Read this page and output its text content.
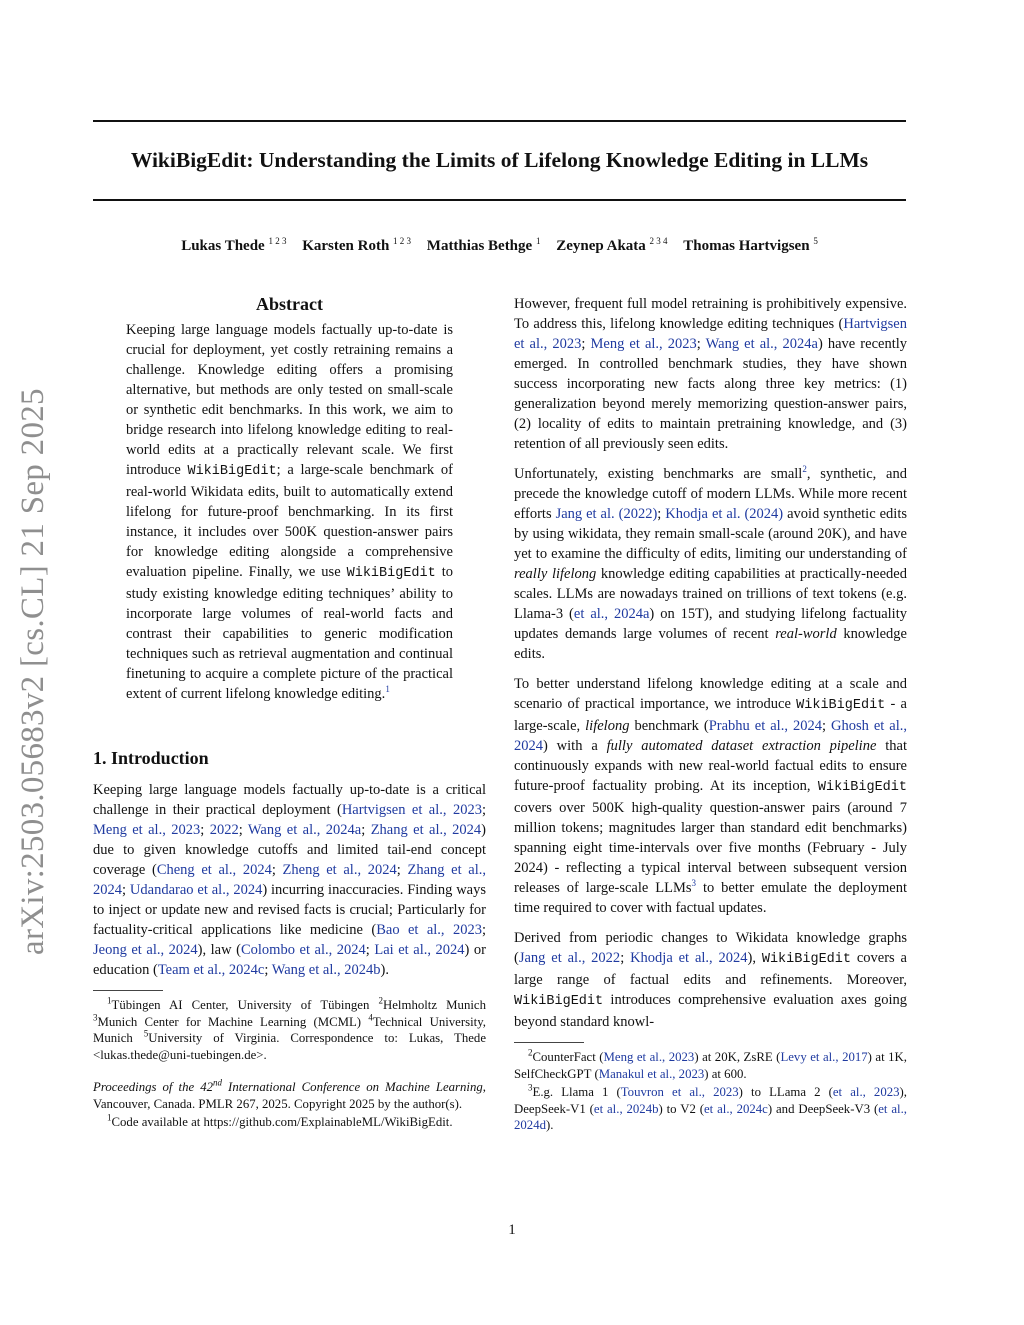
WikiBigEdit: Understanding the Limits of Lifelong Knowledge Editing in LLMs
Lukas Thede $^{1 2 3}$ Karsten Roth $^{1 2 3}$ Matthias Bethge $^1$ Zeynep Akata $^{2 3 4}$ Thomas Hartvigsen $^5$
arXiv:2503.05683v2 [cs.CL] 21 Sep 2025
Abstract

Keeping large language models factually up-to-date is crucial for deployment, yet costly retraining remains a challenge. Knowledge editing offers a promising alternative, but methods are only tested on small-scale or synthetic edit benchmarks. In this work, we aim to bridge research into lifelong knowledge editing to real-world edits at a practically relevant scale. We first introduce WikiBigEdit; a large-scale benchmark of real-world Wikidata edits, built to automatically extend lifelong for future-proof benchmarking. In its first instance, it includes over 500K question-answer pairs for knowledge editing alongside a comprehensive evaluation pipeline. Finally, we use WikiBigEdit to study existing knowledge editing techniques’ ability to incorporate large volumes of real-world facts and contrast their capabilities to generic modification techniques such as retrieval augmentation and continual finetuning to acquire a complete picture of the practical extent of current lifelong knowledge editing.$^1$

1. Introduction

Keeping large language models factually up-to-date is a critical challenge in their practical deployment (Hartvigsen et al., 2023; Meng et al., 2023; 2022; Wang et al., 2024a; Zhang et al., 2024) due to given knowledge cutoffs and limited tail-end concept coverage (Cheng et al., 2024; Zheng et al., 2024; Zhang et al., 2024; Udandarao et al., 2024) incurring inaccuracies. Finding ways to inject or update new and revised facts is crucial; Particularly for factuality-critical applications like medicine (Bao et al., 2023; Jeong et al., 2024), law (Colombo et al., 2024; Lai et al., 2024) or education (Team et al., 2024c; Wang et al., 2024b).

$^1$Tübingen AI Center, University of Tübingen $^2$Helmholtz Munich $^3$Munich Center for Machine Learning (MCML) $^4$Technical University, Munich $^5$University of Virginia. Correspondence to: Lukas, Thede <lukas.thede@uni-tuebingen.de>.

Proceedings of the 42nd International Conference on Machine Learning, Vancouver, Canada. PMLR 267, 2025. Copyright 2025 by the author(s).

$^1$Code available at https://github.com/ExplainableML/WikiBigEdit.

However, frequent full model retraining is prohibitively expensive. To address this, lifelong knowledge editing techniques (Hartvigsen et al., 2023; Meng et al., 2023; Wang et al., 2024a) have recently emerged. In controlled benchmark studies, they have shown success incorporating new facts along three key metrics: (1) generalization beyond merely memorizing question-answer pairs, (2) locality of edits to maintain pretraining knowledge, and (3) retention of all previously seen edits.

Unfortunately, existing benchmarks are small$^2$, synthetic, and precede the knowledge cutoff of modern LLMs. While more recent efforts Jang et al. (2022); Khodja et al. (2024) avoid synthetic edits by using wikidata, they remain small-scale (around 20K), and have yet to examine the difficulty of edits, limiting our understanding of really lifelong knowledge editing capabilities at practically-needed scales. LLMs are nowadays trained on trillions of text tokens (e.g. Llama-3 (et al., 2024a) on 15T), and studying lifelong factuality updates demands large volumes of recent real-world knowledge edits.

To better understand lifelong knowledge editing at a scale and scenario of practical importance, we introduce WikiBigEdit - a large-scale, lifelong benchmark (Prabhu et al., 2024; Ghosh et al., 2024) with a fully automated dataset extraction pipeline that continuously expands with new real-world factual edits to ensure future-proof factuality probing. At its inception, WikiBigEdit covers over 500K high-quality question-answer pairs (around 7 million tokens; magnitudes larger than standard edit benchmarks) spanning eight time-intervals over five months (February - July 2024) - reflecting a typical interval between subsequent version releases of large-scale LLMs$^3$ to better emulate the deployment time required to cover with factual updates.

Derived from periodic changes to Wikidata knowledge graphs (Jang et al., 2022; Khodja et al., 2024), WikiBigEdit covers a large range of factual edits and refinements. Moreover, WikiBigEdit introduces comprehensive evaluation axes going beyond standard knowl-

$^2$CounterFact (Meng et al., 2023) at 20K, ZsRE (Levy et al., 2017) at 1K, SelfCheckGPT (Manakul et al., 2023) at 600.

$^3$E.g. Llama 1 (Touvron et al., 2023) to LLama 2 (et al., 2023), DeepSeek-V1 (et al., 2024b) to V2 (et al., 2024c) and DeepSeek-V3 (et al., 2024d).

1
